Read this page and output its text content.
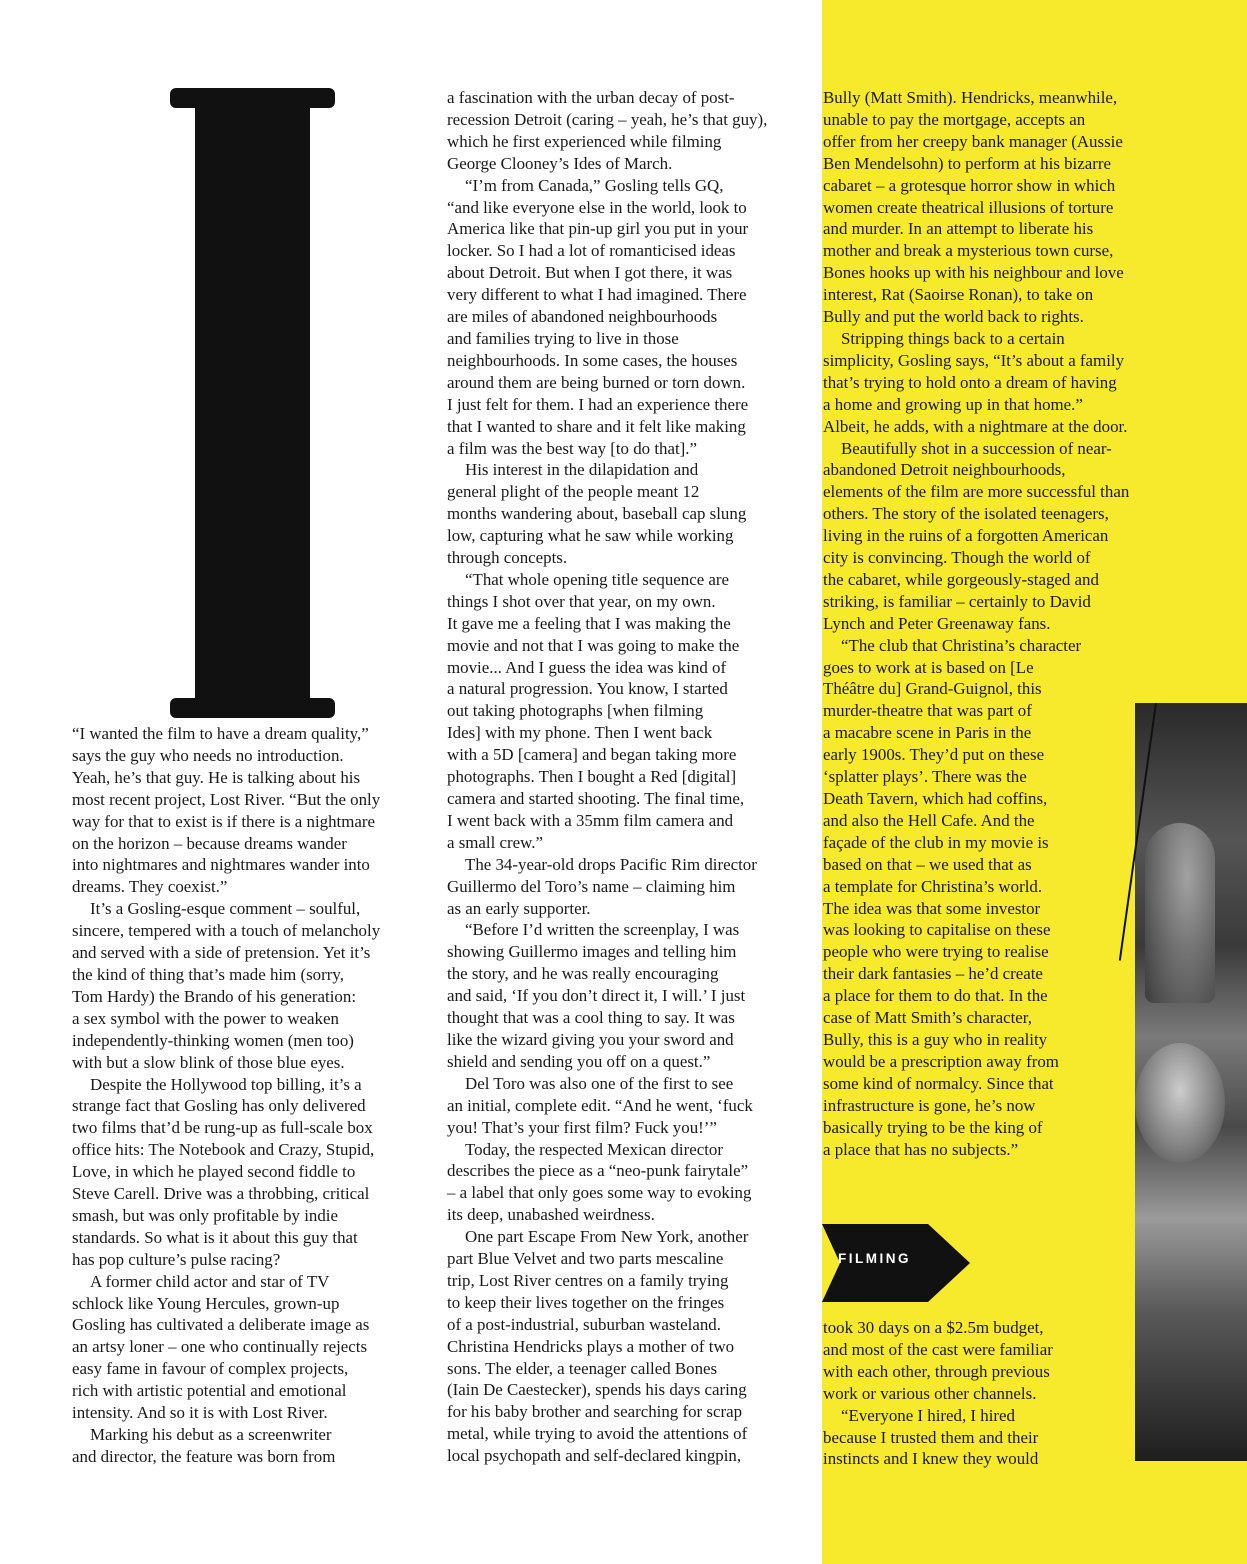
“I wanted the film to have a dream quality,”

says the guy who needs no introduction.

Yeah, he’s that guy. He is talking about his

most recent project, Lost River. “But the only

way for that to exist is if there is a nightmare

on the horizon – because dreams wander

into nightmares and nightmares wander into

dreams. They coexist.”

It’s a Gosling-esque comment – soulful,

sincere, tempered with a touch of melancholy

and served with a side of pretension. Yet it’s

the kind of thing that’s made him (sorry,

Tom Hardy) the Brando of his generation:

a sex symbol with the power to weaken

independently-thinking women (men too)

with but a slow blink of those blue eyes.

Despite the Hollywood top billing, it’s a

strange fact that Gosling has only delivered

two films that’d be rung-up as full-scale box

office hits: The Notebook and Crazy, Stupid,

Love, in which he played second fiddle to

Steve Carell. Drive was a throbbing, critical

smash, but was only profitable by indie

standards. So what is it about this guy that

has pop culture’s pulse racing?

A former child actor and star of TV

schlock like Young Hercules, grown-up

Gosling has cultivated a deliberate image as

an artsy loner – one who continually rejects

easy fame in favour of complex projects,

rich with artistic potential and emotional

intensity. And so it is with Lost River.

Marking his debut as a screenwriter

and director, the feature was born from

a fascination with the urban decay of post-

recession Detroit (caring – yeah, he’s that guy),

which he first experienced while filming

George Clooney’s Ides of March.

“I’m from Canada,” Gosling tells GQ,

“and like everyone else in the world, look to

America like that pin-up girl you put in your

locker. So I had a lot of romanticised ideas

about Detroit. But when I got there, it was

very different to what I had imagined. There

are miles of abandoned neighbourhoods

and families trying to live in those

neighbourhoods. In some cases, the houses

around them are being burned or torn down.

I just felt for them. I had an experience there

that I wanted to share and it felt like making

a film was the best way [to do that].”

His interest in the dilapidation and

general plight of the people meant 12

months wandering about, baseball cap slung

low, capturing what he saw while working

through concepts.

“That whole opening title sequence are

things I shot over that year, on my own.

It gave me a feeling that I was making the

movie and not that I was going to make the

movie... And I guess the idea was kind of

a natural progression. You know, I started

out taking photographs [when filming

Ides] with my phone. Then I went back

with a 5D [camera] and began taking more

photographs. Then I bought a Red [digital]

camera and started shooting. The final time,

I went back with a 35mm film camera and

a small crew.”

The 34-year-old drops Pacific Rim director

Guillermo del Toro’s name – claiming him

as an early supporter.

“Before I’d written the screenplay, I was

showing Guillermo images and telling him

the story, and he was really encouraging

and said, ‘If you don’t direct it, I will.’ I just

thought that was a cool thing to say. It was

like the wizard giving you your sword and

shield and sending you off on a quest.”

Del Toro was also one of the first to see

an initial, complete edit. “And he went, ‘fuck

you! That’s your first film? Fuck you!’”

Today, the respected Mexican director

describes the piece as a “neo-punk fairytale”

– a label that only goes some way to evoking

its deep, unabashed weirdness.

One part Escape From New York, another

part Blue Velvet and two parts mescaline

trip, Lost River centres on a family trying

to keep their lives together on the fringes

of a post-industrial, suburban wasteland.

Christina Hendricks plays a mother of two

sons. The elder, a teenager called Bones

(Iain De Caestecker), spends his days caring

for his baby brother and searching for scrap

metal, while trying to avoid the attentions of

local psychopath and self-declared kingpin,

Bully (Matt Smith). Hendricks, meanwhile,

unable to pay the mortgage, accepts an

offer from her creepy bank manager (Aussie

Ben Mendelsohn) to perform at his bizarre

cabaret – a grotesque horror show in which

women create theatrical illusions of torture

and murder. In an attempt to liberate his

mother and break a mysterious town curse,

Bones hooks up with his neighbour and love

interest, Rat (Saoirse Ronan), to take on

Bully and put the world back to rights.

Stripping things back to a certain

simplicity, Gosling says, “It’s about a family

that’s trying to hold onto a dream of having

a home and growing up in that home.”

Albeit, he adds, with a nightmare at the door.

Beautifully shot in a succession of near-

abandoned Detroit neighbourhoods,

elements of the film are more successful than

others. The story of the isolated teenagers,

living in the ruins of a forgotten American

city is convincing. Though the world of

the cabaret, while gorgeously-staged and

striking, is familiar – certainly to David

Lynch and Peter Greenaway fans.

“The club that Christina’s character

goes to work at is based on [Le

Théâtre du] Grand-Guignol, this

murder-theatre that was part of

a macabre scene in Paris in the

early 1900s. They’d put on these

‘splatter plays’. There was the

Death Tavern, which had coffins,

and also the Hell Cafe. And the

façade of the club in my movie is

based on that – we used that as

a template for Christina’s world.

The idea was that some investor

was looking to capitalise on these

people who were trying to realise

their dark fantasies – he’d create

a place for them to do that. In the

case of Matt Smith’s character,

Bully, this is a guy who in reality

would be a prescription away from

some kind of normalcy. Since that

infrastructure is gone, he’s now

basically trying to be the king of

a place that has no subjects.”

FILMING

took 30 days on a $2.5m budget,

and most of the cast were familiar

with each other, through previous

work or various other channels.

“Everyone I hired, I hired

because I trusted them and their

instincts and I knew they would
